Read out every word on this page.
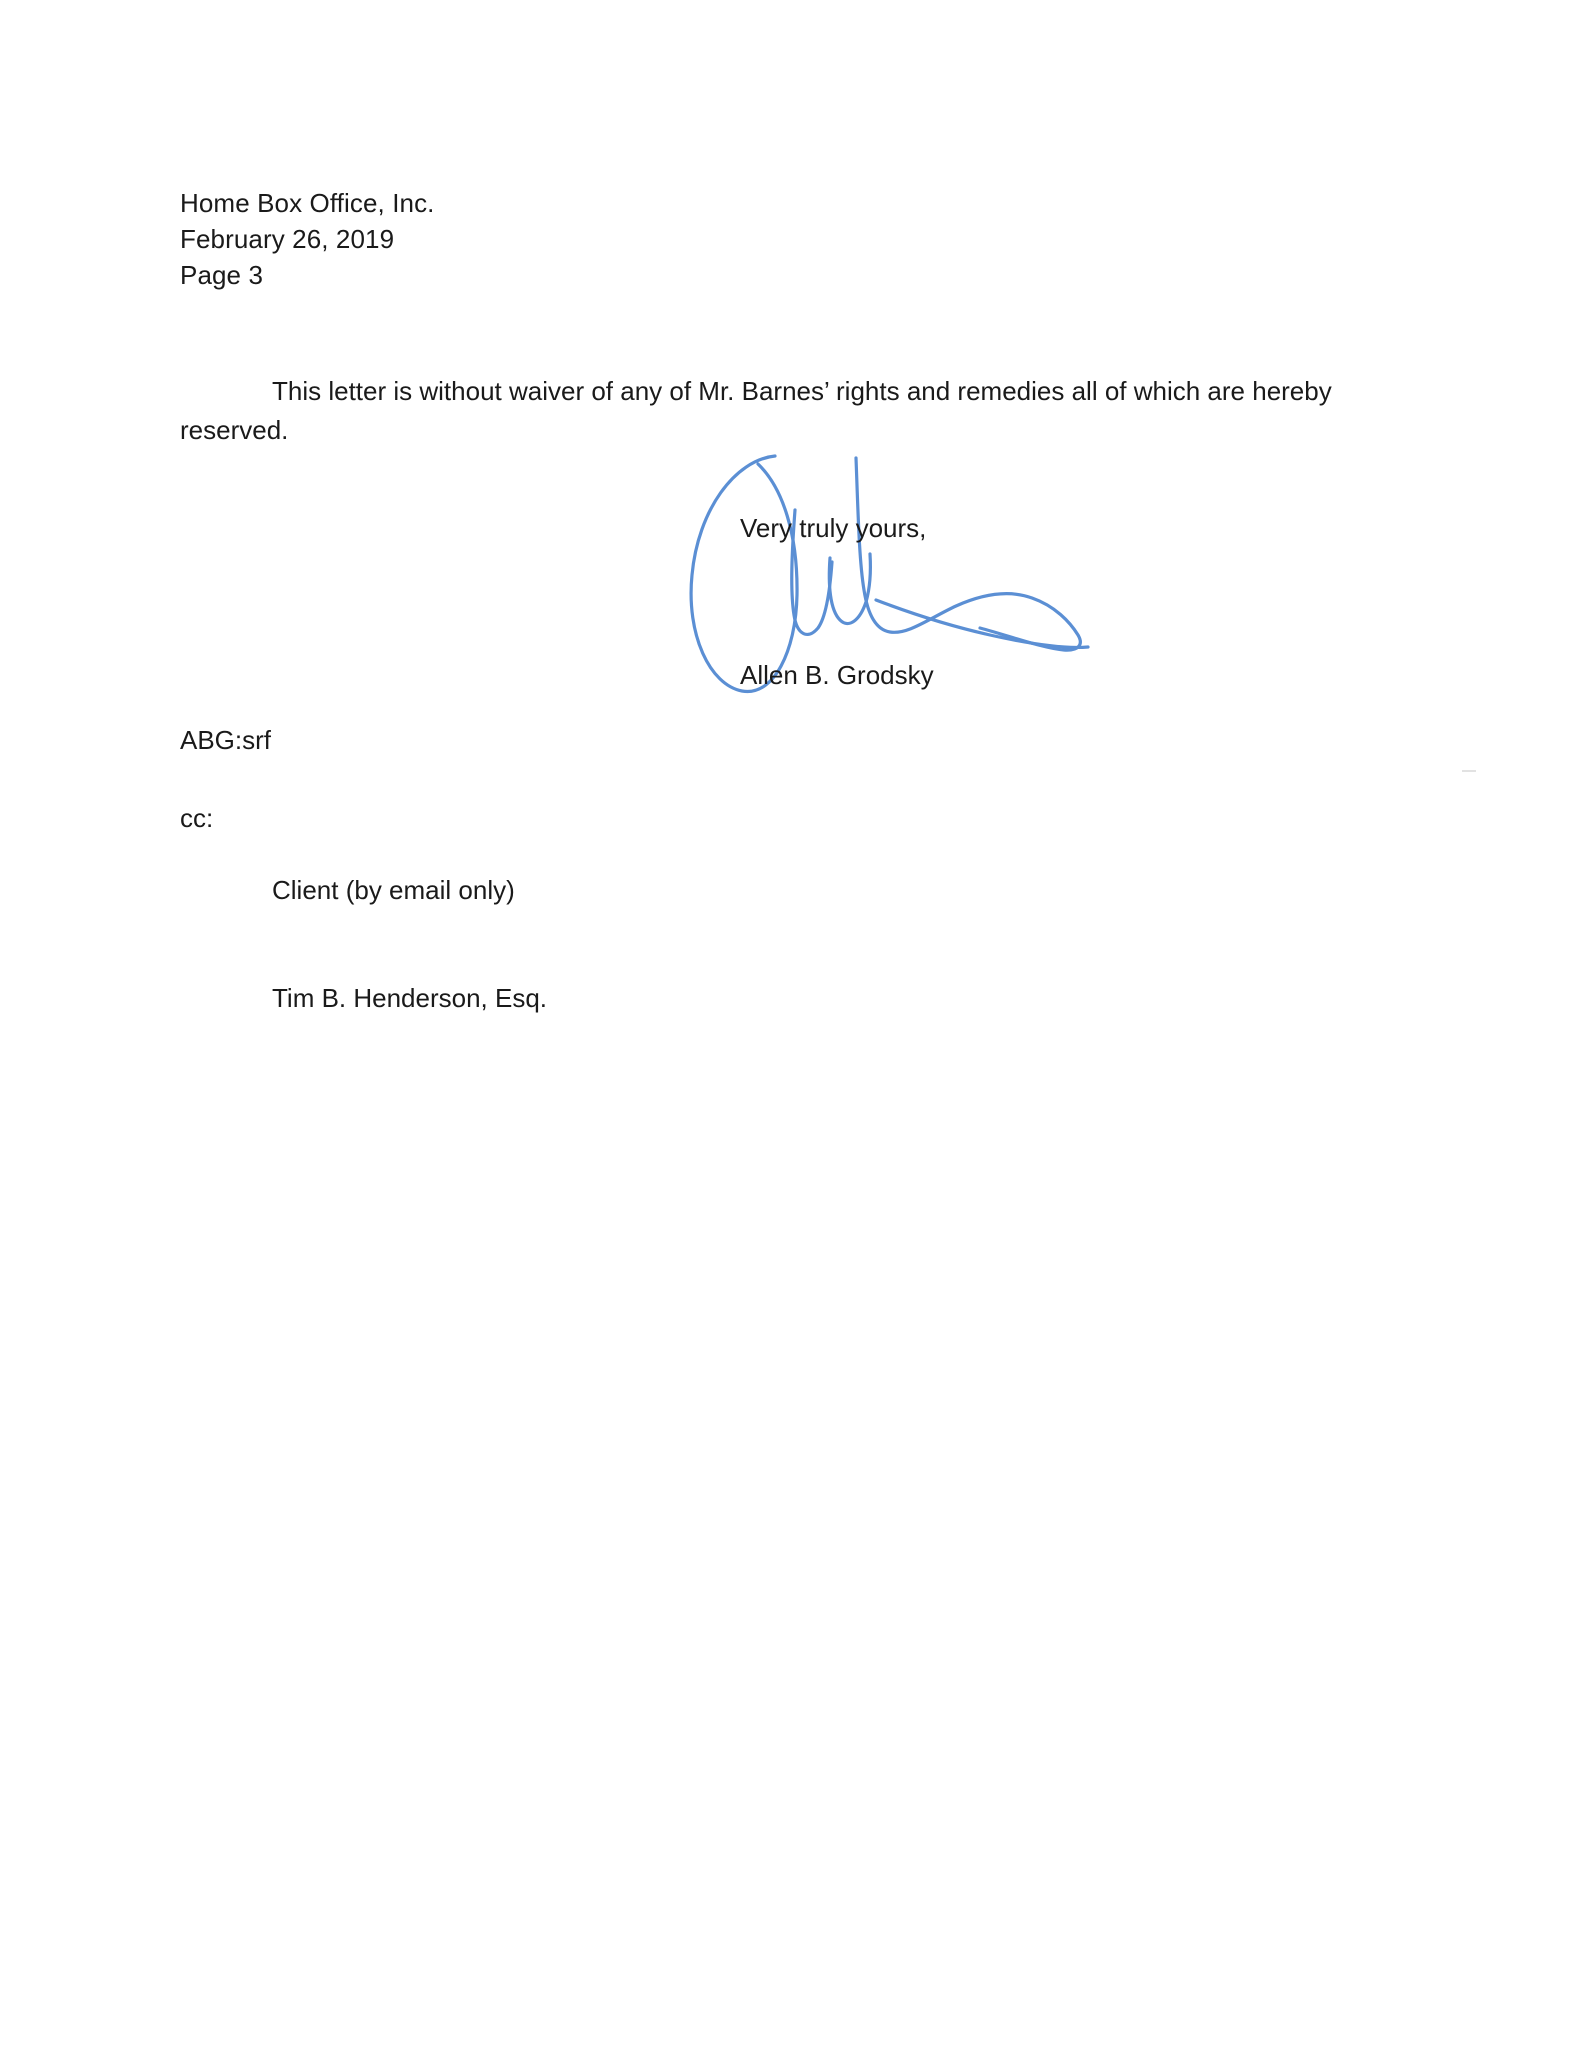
Home Box Office, Inc.
February 26, 2019
Page 3
This letter is without waiver of any of Mr. Barnes’ rights and remedies all of which are hereby reserved.
Very truly yours,
Allen B. Grodsky
ABG:srf
cc:

Client (by email only)

Tim B. Henderson, Esq.
